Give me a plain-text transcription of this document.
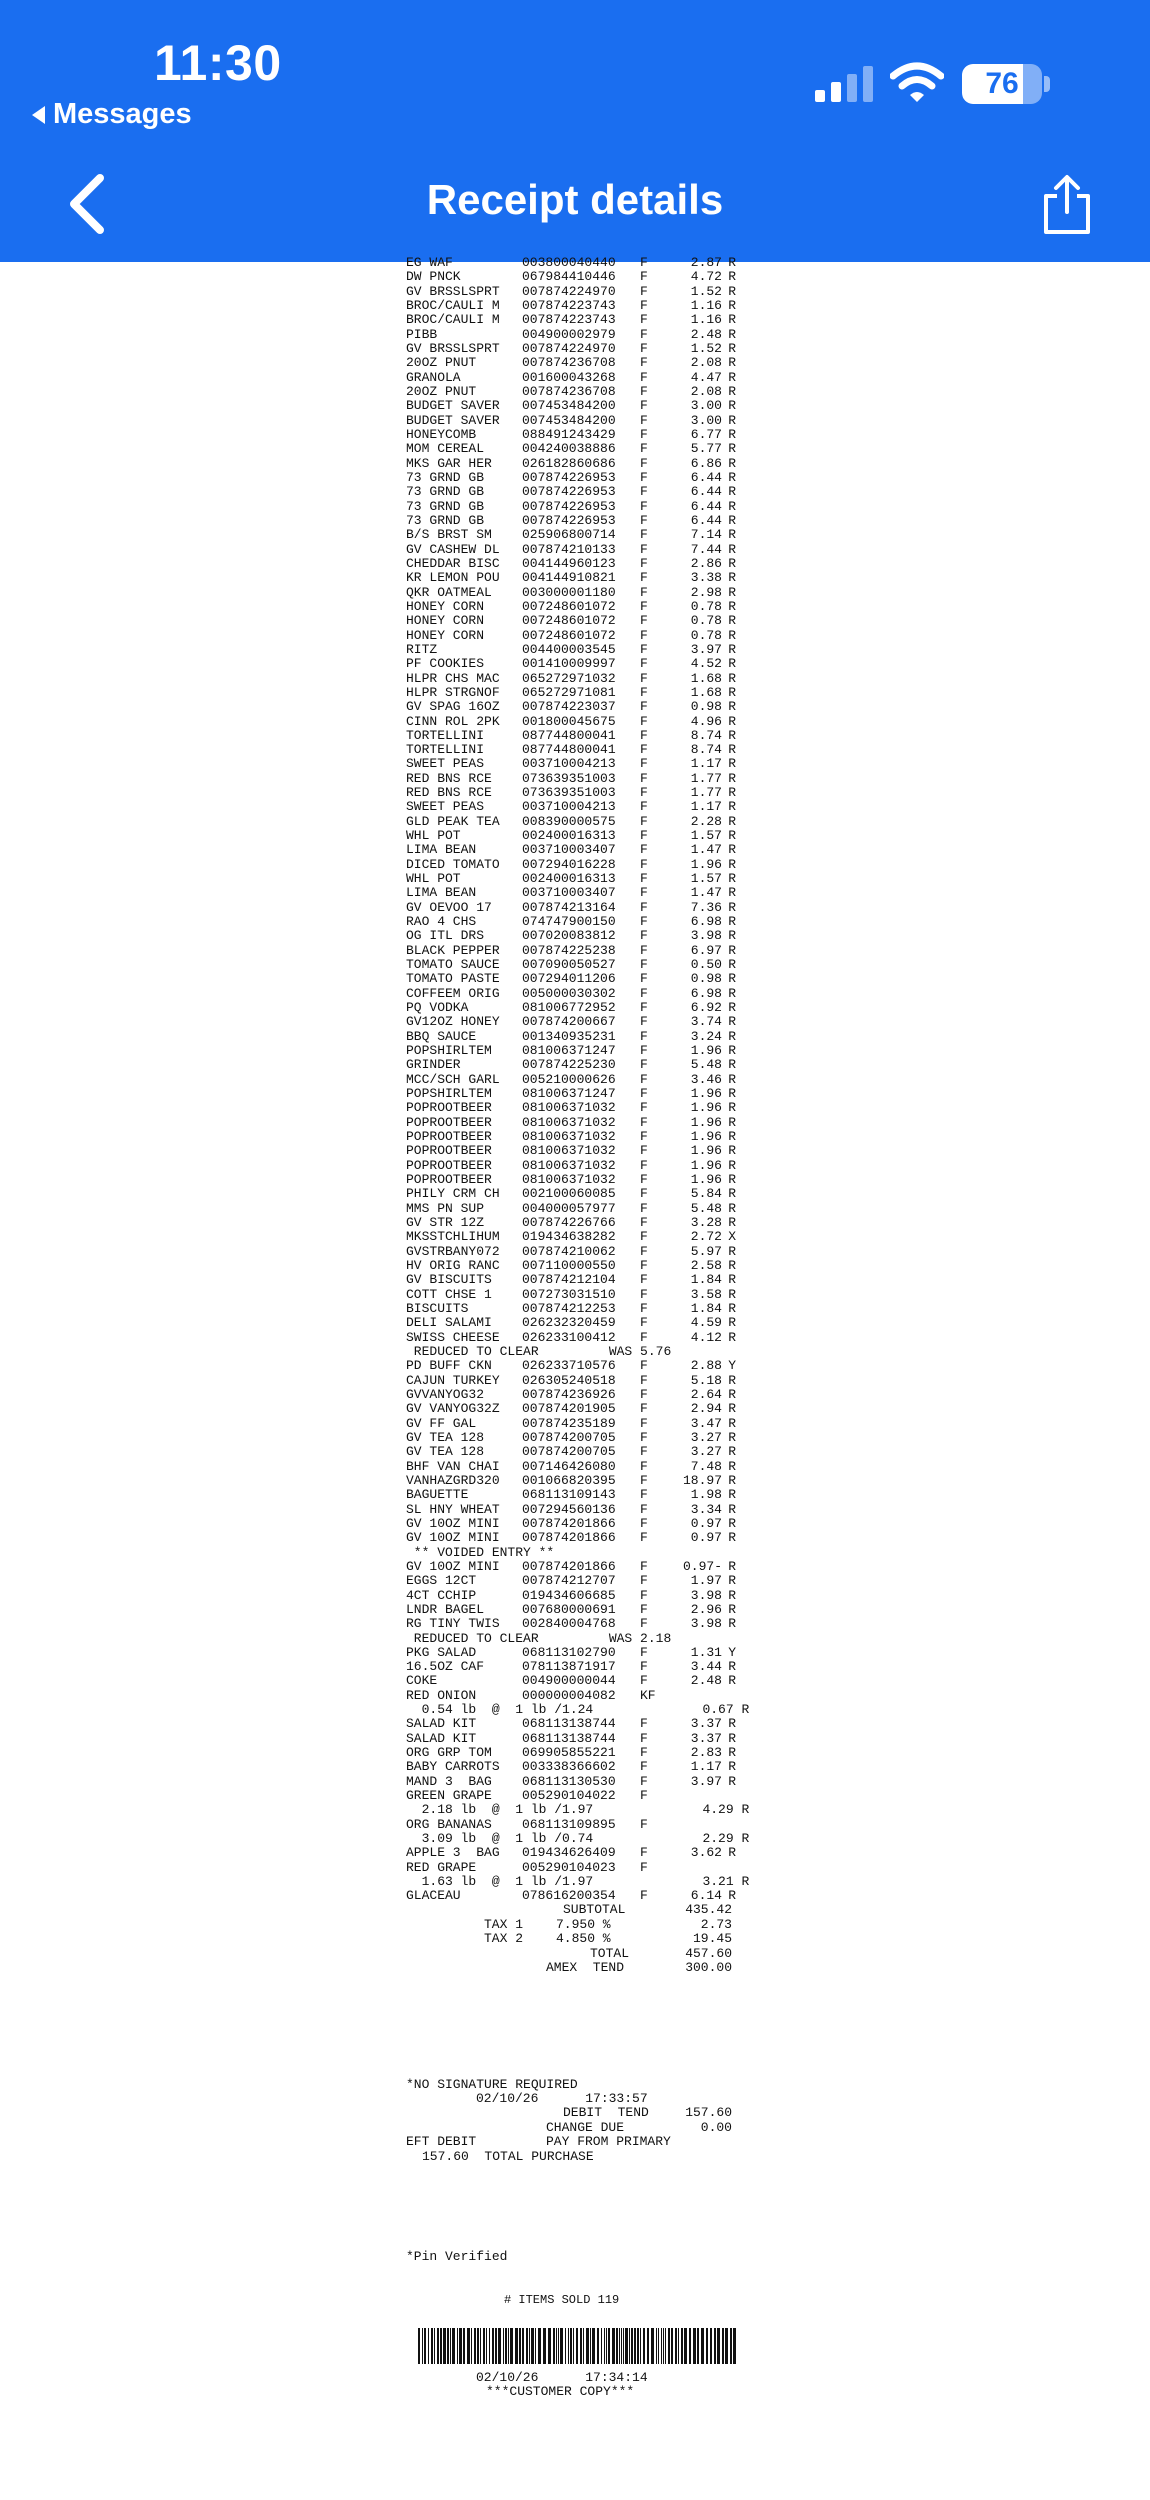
11:30
Messages
76
Receipt details
EG WAF	003800040440	F	2.87 R
DW PNCK	067984410446	F	4.72 R
GV BRSSLSPRT	007874224970	F	1.52 R
BROC/CAULI M	007874223743	F	1.16 R
BROC/CAULI M	007874223743	F	1.16 R
PIBB	004900002979	F	2.48 R
GV BRSSLSPRT	007874224970	F	1.52 R
20OZ PNUT	007874236708	F	2.08 R
GRANOLA	001600043268	F	4.47 R
20OZ PNUT	007874236708	F	2.08 R
BUDGET SAVER	007453484200	F	3.00 R
BUDGET SAVER	007453484200	F	3.00 R
HONEYCOMB	088491243429	F	6.77 R
MOM CEREAL	004240038886	F	5.77 R
MKS GAR HER	026182860686	F	6.86 R
73 GRND GB	007874226953	F	6.44 R
73 GRND GB	007874226953	F	6.44 R
73 GRND GB	007874226953	F	6.44 R
73 GRND GB	007874226953	F	6.44 R
B/S BRST SM	025906800714	F	7.14 R
GV CASHEW DL	007874210133	F	7.44 R
CHEDDAR BISC	004144960123	F	2.86 R
KR LEMON POU	004144910821	F	3.38 R
QKR OATMEAL	003000001180	F	2.98 R
HONEY CORN	007248601072	F	0.78 R
HONEY CORN	007248601072	F	0.78 R
HONEY CORN	007248601072	F	0.78 R
RITZ	004400003545	F	3.97 R
PF COOKIES	001410009997	F	4.52 R
HLPR CHS MAC	065272971032	F	1.68 R
HLPR STRGNOF	065272971081	F	1.68 R
GV SPAG 16OZ	007874223037	F	0.98 R
CINN ROL 2PK	001800045675	F	4.96 R
TORTELLINI	087744800041	F	8.74 R
TORTELLINI	087744800041	F	8.74 R
SWEET PEAS	003710004213	F	1.17 R
RED BNS RCE	073639351003	F	1.77 R
RED BNS RCE	073639351003	F	1.77 R
SWEET PEAS	003710004213	F	1.17 R
GLD PEAK TEA	008390000575	F	2.28 R
WHL POT	002400016313	F	1.57 R
LIMA BEAN	003710003407	F	1.47 R
DICED TOMATO	007294016228	F	1.96 R
WHL POT	002400016313	F	1.57 R
LIMA BEAN	003710003407	F	1.47 R
GV OEVOO 17	007874213164	F	7.36 R
RAO 4 CHS	074747900150	F	6.98 R
OG ITL DRS	007020083812	F	3.98 R
BLACK PEPPER	007874225238	F	6.97 R
TOMATO SAUCE	007090050527	F	0.50 R
TOMATO PASTE	007294011206	F	0.98 R
COFFEEM ORIG	005000030302	F	6.98 R
PQ VODKA	081006772952	F	6.92 R
GV12OZ HONEY	007874200667	F	3.74 R
BBQ SAUCE	001340935231	F	3.24 R
POPSHIRLTEM	081006371247	F	1.96 R
GRINDER	007874225230	F	5.48 R
MCC/SCH GARL	005210000626	F	3.46 R
POPSHIRLTEM	081006371247	F	1.96 R
POPROOTBEER	081006371032	F	1.96 R
POPROOTBEER	081006371032	F	1.96 R
POPROOTBEER	081006371032	F	1.96 R
POPROOTBEER	081006371032	F	1.96 R
POPROOTBEER	081006371032	F	1.96 R
POPROOTBEER	081006371032	F	1.96 R
PHILY CRM CH	002100060085	F	5.84 R
MMS PN SUP	004000057977	F	5.48 R
GV STR 12Z	007874226766	F	3.28 R
MKSSTCHLIHUM	019434638282	F	2.72 X
GVSTRBANY072	007874210062	F	5.97 R
HV ORIG RANC	007110000550	F	2.58 R
GV BISCUITS	007874212104	F	1.84 R
COTT CHSE 1	007273031510	F	3.58 R
BISCUITS	007874212253	F	1.84 R
DELI SALAMI	026232320459	F	4.59 R
SWISS CHEESE	026233100412	F	4.12 R
REDUCED TO CLEAR         WAS 5.76
PD BUFF CKN	026233710576	F	2.88 Y
CAJUN TURKEY	026305240518	F	5.18 R
GVVANYOG32	007874236926	F	2.64 R
GV VANYOG32Z	007874201905	F	2.94 R
GV FF GAL	007874235189	F	3.47 R
GV TEA 128	007874200705	F	3.27 R
GV TEA 128	007874200705	F	3.27 R
BHF VAN CHAI	007146426080	F	7.48 R
VANHAZGRD320	001066820395	F	18.97 R
BAGUETTE	068113109143	F	1.98 R
SL HNY WHEAT	007294560136	F	3.34 R
GV 10OZ MINI	007874201866	F	0.97 R
GV 10OZ MINI	007874201866	F	0.97 R
** VOIDED ENTRY **
GV 10OZ MINI	007874201866	F	0.97- R
EGGS 12CT	007874212707	F	1.97 R
4CT CCHIP	019434606685	F	3.98 R
LNDR BAGEL	007680000691	F	2.96 R
RG TINY TWIS	002840004768	F	3.98 R
REDUCED TO CLEAR         WAS 2.18
PKG SALAD	068113102790	F	1.31 Y
16.5OZ CAF	078113871917	F	3.44 R
COKE	004900000044	F	2.48 R
RED ONION	000000004082	KF
0.54 lb  @  1 lb /1.24              0.67 R
SALAD KIT	068113138744	F	3.37 R
SALAD KIT	068113138744	F	3.37 R
ORG GRP TOM	069905855221	F	2.83 R
BABY CARROTS	003338366602	F	1.17 R
MAND 3  BAG	068113130530	F	3.97 R
GREEN GRAPE	005290104022	F
2.18 lb  @  1 lb /1.97              4.29 R
ORG BANANAS	068113109895	F
3.09 lb  @  1 lb /0.74              2.29 R
APPLE 3  BAG	019434626409	F	3.62 R
RED GRAPE	005290104023	F
1.63 lb  @  1 lb /1.97              3.21 R
GLACEAU	078616200354	F	6.14 R
SUBTOTAL	435.42
TAX 1	7.950 %	2.73
TAX 2	4.850 %	19.45
TOTAL	457.60
AMEX  TEND	300.00
*NO SIGNATURE REQUIRED
02/10/26      17:33:57
DEBIT  TEND	157.60
CHANGE DUE	0.00
EFT DEBIT	PAY FROM PRIMARY
157.60  TOTAL PURCHASE
*Pin Verified
# ITEMS SOLD 119
02/10/26      17:34:14
***CUSTOMER COPY***
